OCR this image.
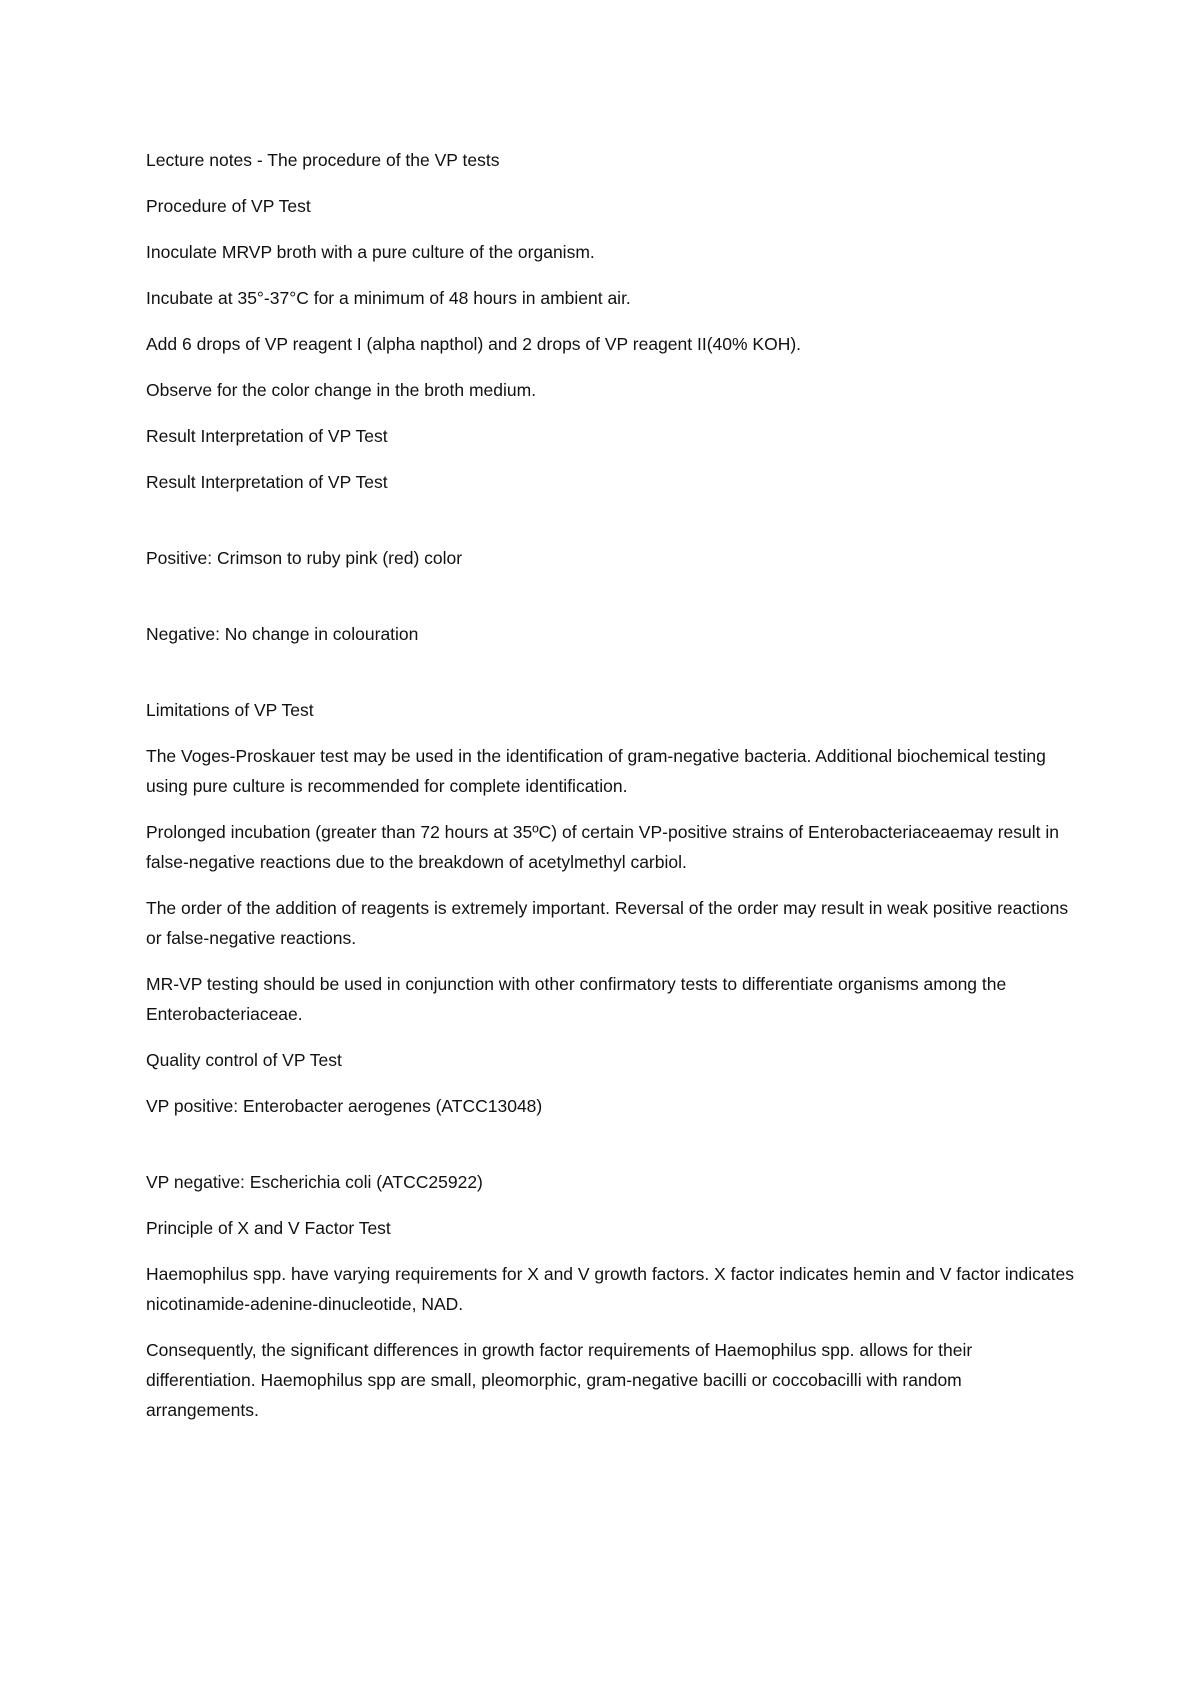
Lecture notes - The procedure of the VP tests

Procedure of VP Test

Inoculate MRVP broth with a pure culture of the organism.

Incubate at 35°-37°C for a minimum of 48 hours in ambient air.

Add 6 drops of VP reagent I (alpha napthol) and 2 drops of VP reagent II(40% KOH).

Observe for the color change in the broth medium.

Result Interpretation of VP Test

Result Interpretation of VP Test

Positive: Crimson to ruby pink (red) color

Negative: No change in colouration

Limitations of VP Test

The Voges-Proskauer test may be used in the identification of gram-negative bacteria. Additional biochemical testing using pure culture is recommended for complete identification.

Prolonged incubation (greater than 72 hours at 35ºC) of certain VP-positive strains of Enterobacteriaceaemay result in false-negative reactions due to the breakdown of acetylmethyl carbiol.

The order of the addition of reagents is extremely important. Reversal of the order may result in weak positive reactions or false-negative reactions.

MR-VP testing should be used in conjunction with other confirmatory tests to differentiate organisms among the Enterobacteriaceae.

Quality control of VP Test

VP positive: Enterobacter aerogenes (ATCC13048)

VP negative: Escherichia coli (ATCC25922)

Principle of X and V Factor Test

Haemophilus spp. have varying requirements for X and V growth factors. X factor indicates hemin and V factor indicates nicotinamide-adenine-dinucleotide, NAD.

Consequently, the significant differences in growth factor requirements of Haemophilus spp. allows for their differentiation. Haemophilus spp are small, pleomorphic, gram-negative bacilli or coccobacilli with random arrangements.
